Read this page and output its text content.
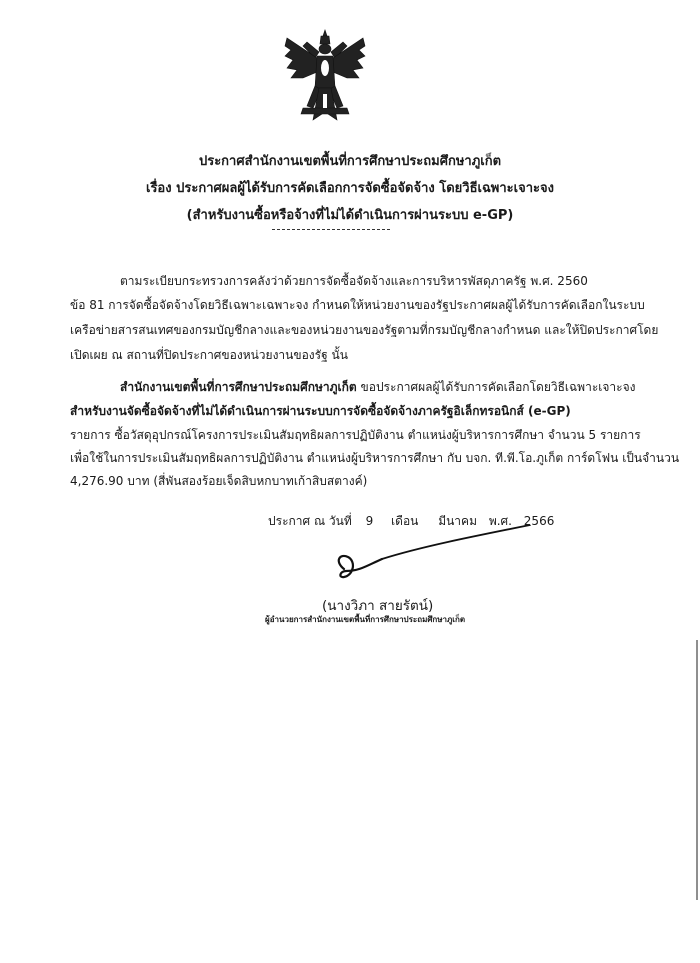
ประกาศสำนักงานเขตพื้นที่การศึกษาประถมศึกษาภูเก็ต
เรื่อง ประกาศผลผู้ได้รับการคัดเลือกการจัดซื้อจัดจ้าง โดยวิธีเฉพาะเจาะจง
(สำหรับงานซื้อหรือจ้างที่ไม่ได้ดำเนินการผ่านระบบ e-GP)
ตามระเบียบกระทรวงการคลังว่าด้วยการจัดซื้อจัดจ้างและการบริหารพัสดุภาครัฐ พ.ศ. 2560
ข้อ 81 การจัดซื้อจัดจ้างโดยวิธีเฉพาะเฉพาะจง กำหนดให้หน่วยงานของรัฐประกาศผลผู้ได้รับการคัดเลือกในระบบ
เครือข่ายสารสนเทศของกรมบัญชีกลางและของหน่วยงานของรัฐตามที่กรมบัญชีกลางกำหนด และให้ปิดประกาศโดย
เปิดเผย ณ สถานที่ปิดประกาศของหน่วยงานของรัฐ นั้น
สำนักงานเขตพื้นที่การศึกษาประถมศึกษาภูเก็ต ขอประกาศผลผู้ได้รับการคัดเลือกโดยวิธีเฉพาะเจาะจง
สำหรับงานจัดซื้อจัดจ้างที่ไม่ได้ดำเนินการผ่านระบบการจัดซื้อจัดจ้างภาครัฐอิเล็กทรอนิกส์ (e-GP)
รายการ ซื้อวัสดุอุปกรณ์โครงการประเมินสัมฤทธิผลการปฏิบัติงาน ตำแหน่งผู้บริหารการศึกษา จำนวน 5 รายการ
เพื่อใช้ในการประเมินสัมฤทธิผลการปฏิบัติงาน ตำแหน่งผู้บริหารการศึกษา กับ บจก. ที.พี.โอ.ภูเก็ต การ์ดโฟน เป็นจำนวน
4,276.90 บาท (สี่พันสองร้อยเจ็ดสิบหกบาทเก้าสิบสตางค์)
ประกาศ ณ วันที่ 9 เดือน มีนาคม พ.ศ. 2566
(นางวิภา สายรัตน์)
ผู้อำนวยการสำนักงานเขตพื้นที่การศึกษาประถมศึกษาภูเก็ต
